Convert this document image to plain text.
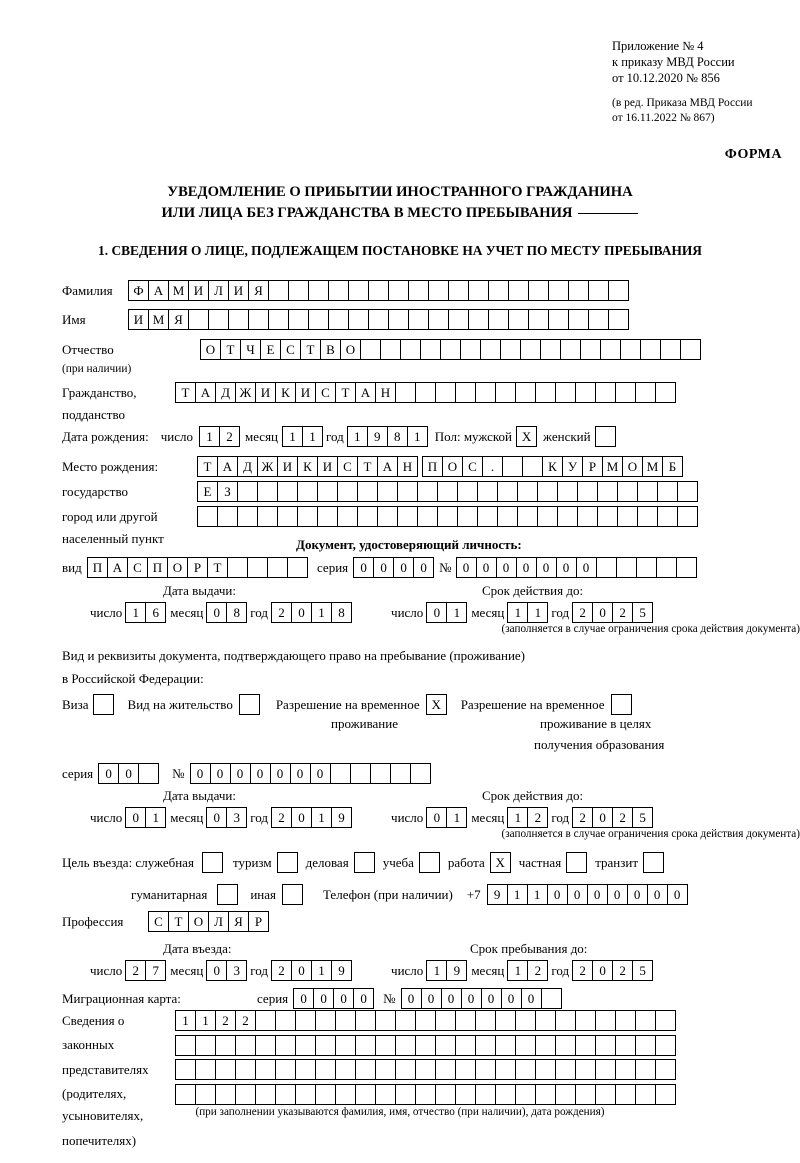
Приложение № 4
к приказу МВД России
от 10.12.2020 № 856
(в ред. Приказа МВД России
от 16.11.2022 № 867)
ФОРМА
УВЕДОМЛЕНИЕ О ПРИБЫТИИ ИНОСТРАННОГО ГРАЖДАНИНА
ИЛИ ЛИЦА БЕЗ ГРАЖДАНСТВА В МЕСТО ПРЕБЫВАНИЯ
1. СВЕДЕНИЯ О ЛИЦЕ, ПОДЛЕЖАЩЕМ ПОСТАНОВКЕ НА УЧЕТ ПО МЕСТУ ПРЕБЫВАНИЯ
Фамилия	Ф А М И Л И Я
Имя	И М Я
Отчество	О Т Ч Е С Т В О
(при наличии)
Гражданство,	Т А Д Ж И К И С Т А Н
подданство
Дата рождения: число	1	2 месяц 1	1 год 1	9	8	1	Пол: мужской X женский
Место рождения:	Т А Д Ж И К И С Т А Н	П О С	.	К У Р М О М Б
государство	Е З
город или другой
населенный пункт	Документ, удостоверяющий личность:
вид П А С П О Р Т	серия 0	0	0	0 № 0	0	0	0	0	0	0
Дата выдачи:	Срок действия до:
число 1	6 месяц 0	8 год 2	0	1	8	число 0	1 месяц 1	1 год 2	0	2	5
(заполняется в случае ограничения срока действия документа)
Вид и реквизиты документа, подтверждающего право на пребывание (проживание)
в Российской Федерации:
Виза	Вид на жительство	Разрешение на временное X	Разрешение на временное
проживание	проживание в целях
получения образования
серия 0	0	№ 0	0	0	0	0	0	0
Дата выдачи:	Срок действия до:
число 0	1 месяц 0	3 год 2	0	1	9	число 0	1 месяц 1	2 год 2	0	2	5
(заполняется в случае ограничения срока действия документа)
Цель въезда: служебная	туризм	деловая	учеба	работа X	частная	транзит
гуманитарная	иная	Телефон (при наличии) +7	9	1	1	0	0	0	0	0	0	0
Профессия	С Т О Л Я Р
Дата въезда:	Срок пребывания до:
число 2	7 месяц 0	3 год 2	0	1	9	число 1	9 месяц 1	2 год 2	0	2	5
Миграционная карта:	серия 0	0	0	0	№ 0	0	0	0	0	0	0
Сведения о	1	1	2	2
законных
представителях
(родителях,
усыновителях,
попечителях)
(при заполнении указываются фамилия, имя, отчество (при наличии), дата рождения)
